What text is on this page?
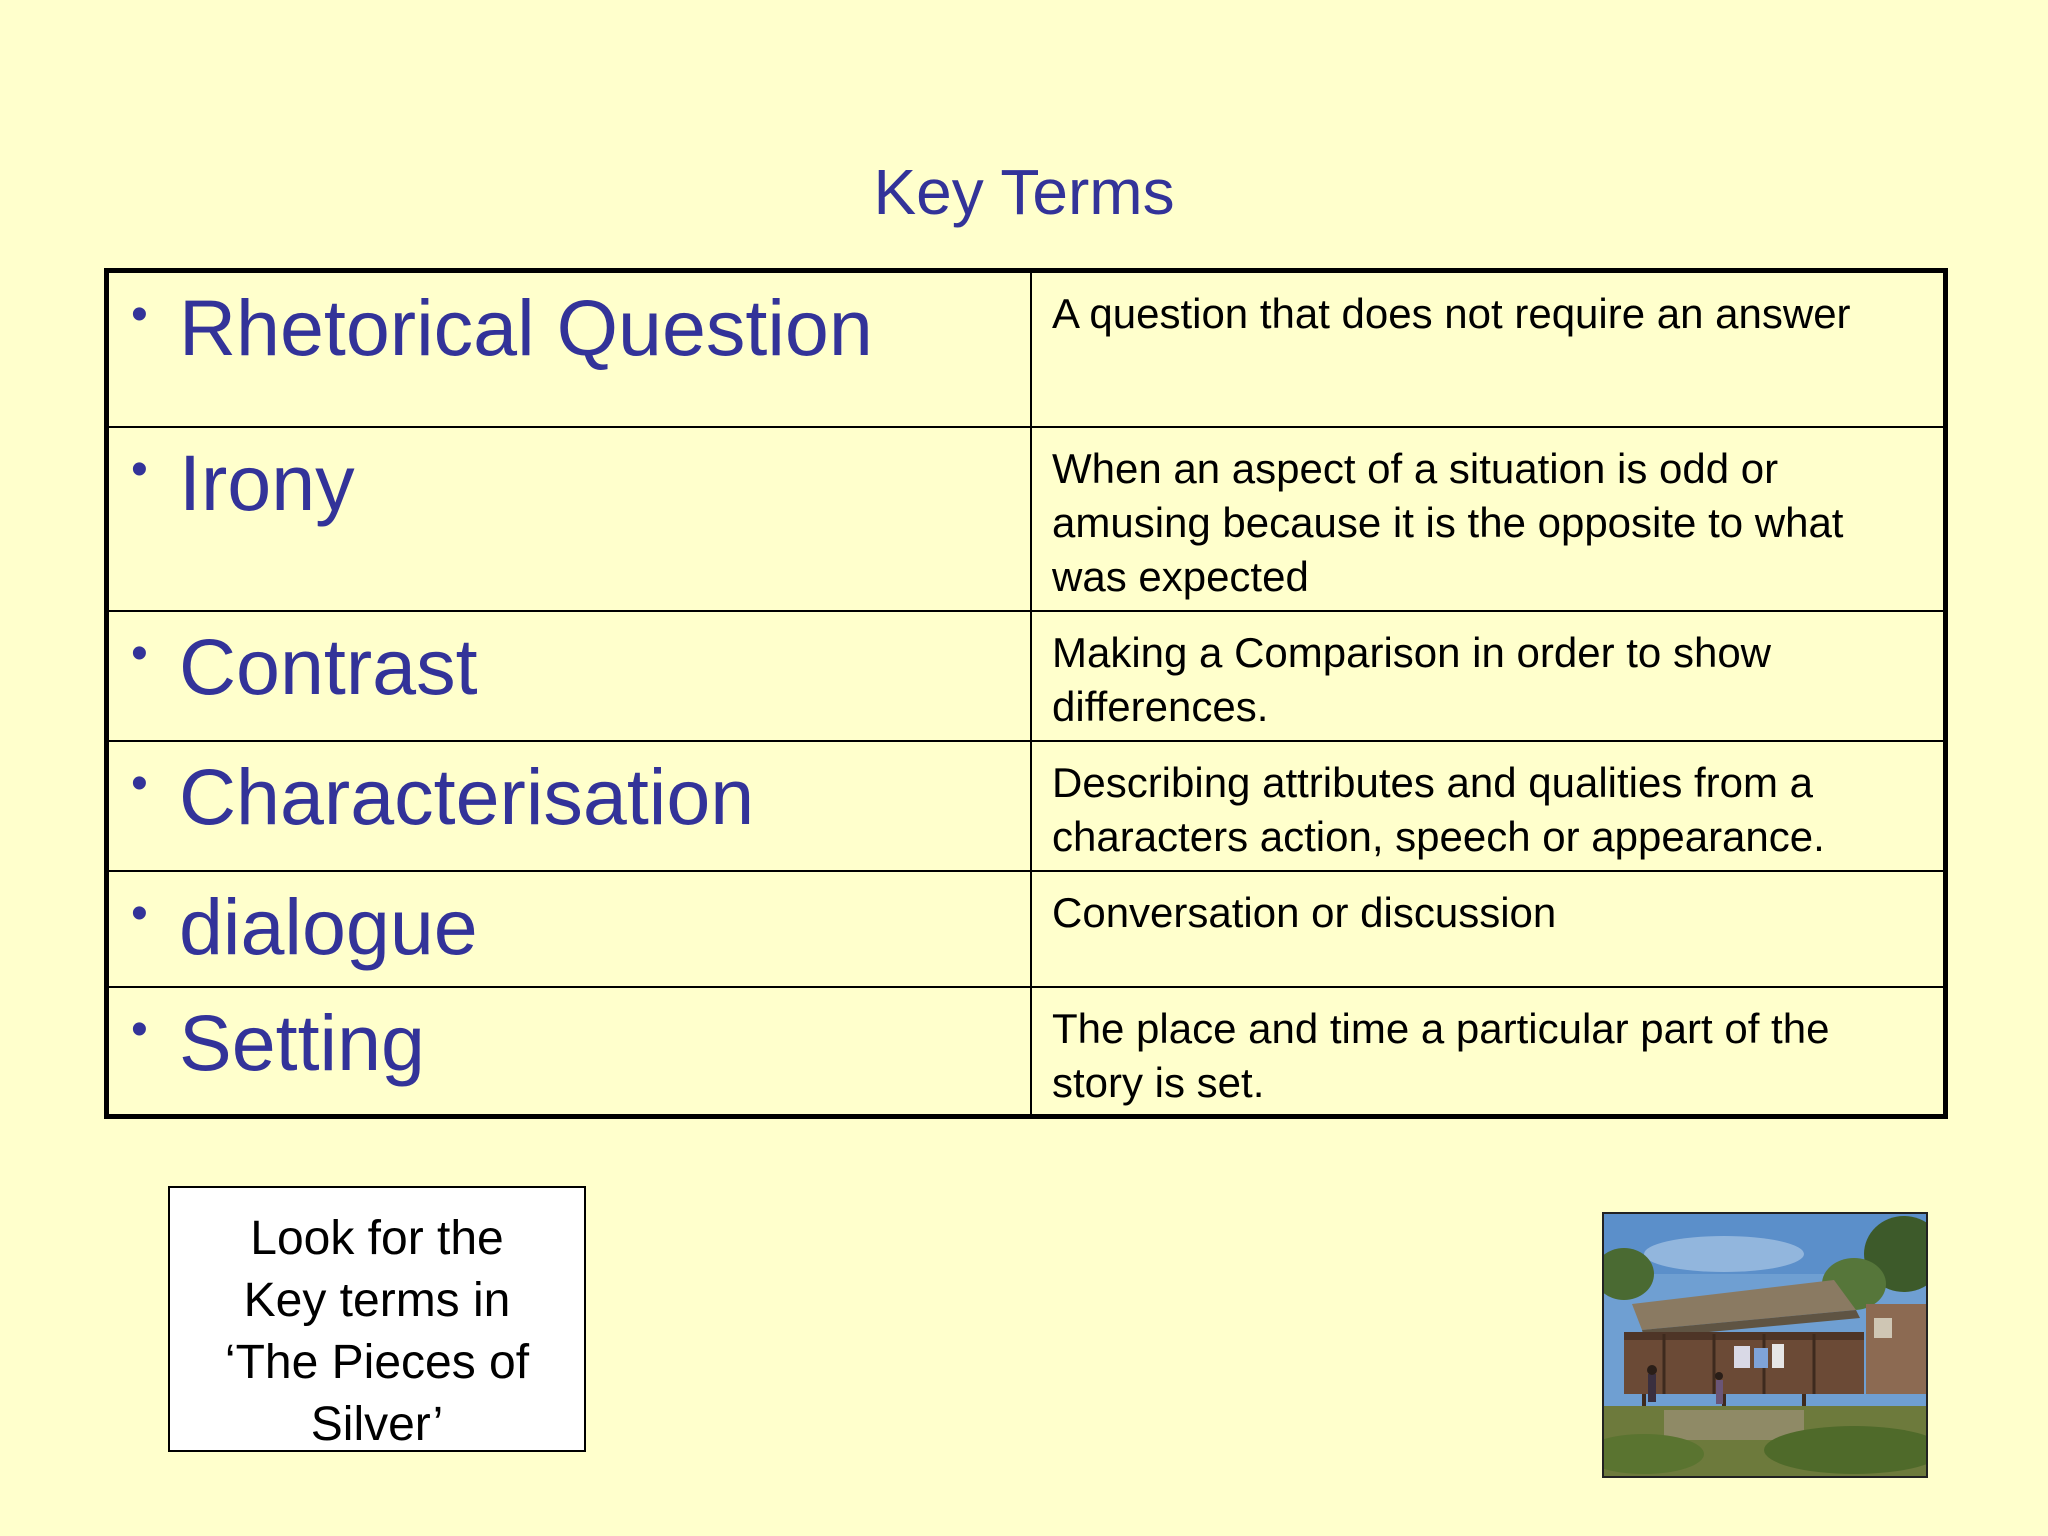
Key Terms
• Rhetorical Question	A question that does not require an answer

• Irony	When an aspect of a situation is odd or amusing because it is the opposite to what was expected

• Contrast	Making a Comparison in order to show differences.

• Characterisation	Describing attributes and qualities from a characters action, speech or appearance.

• dialogue	Conversation or discussion

• Setting	The place and time a particular part of the story is set.
Look for the
Key terms in
‘The Pieces of
Silver’
